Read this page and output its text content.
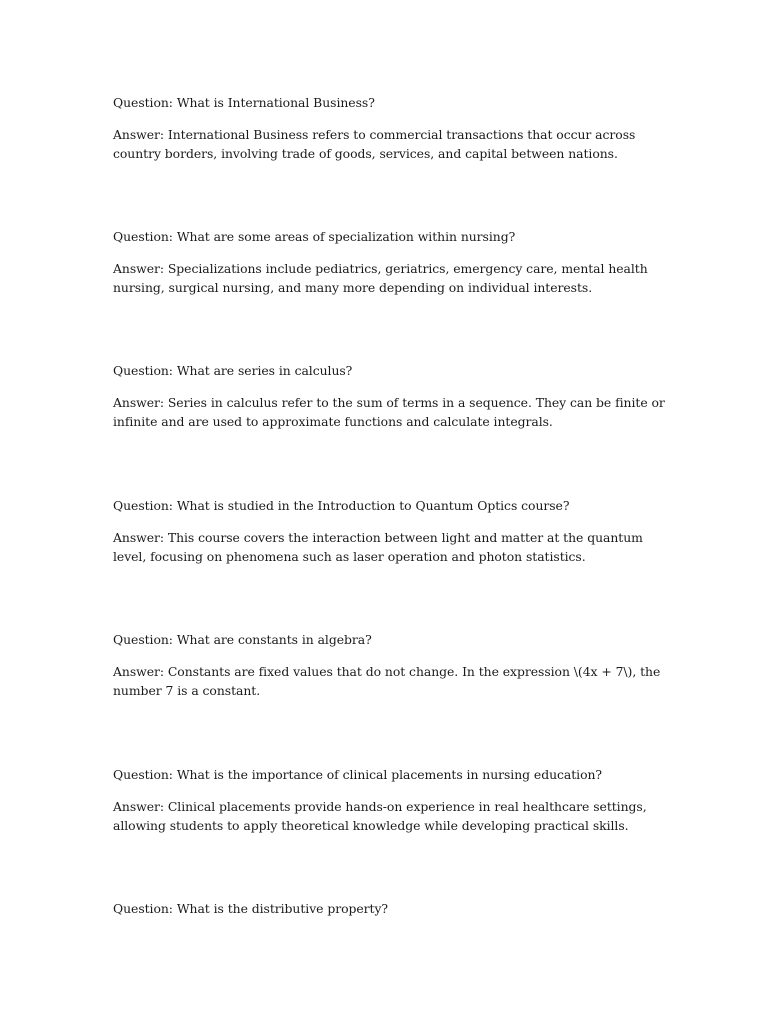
Question: What is International Business?

Answer: International Business refers to commercial transactions that occur across country borders, involving trade of goods, services, and capital between nations.

Question: What are some areas of specialization within nursing?

Answer: Specializations include pediatrics, geriatrics, emergency care, mental health nursing, surgical nursing, and many more depending on individual interests.

Question: What are series in calculus?

Answer: Series in calculus refer to the sum of terms in a sequence. They can be finite or infinite and are used to approximate functions and calculate integrals.

Question: What is studied in the Introduction to Quantum Optics course?

Answer: This course covers the interaction between light and matter at the quantum level, focusing on phenomena such as laser operation and photon statistics.

Question: What are constants in algebra?

Answer: Constants are fixed values that do not change. In the expression \(4x + 7\), the number 7 is a constant.

Question: What is the importance of clinical placements in nursing education?

Answer: Clinical placements provide hands-on experience in real healthcare settings, allowing students to apply theoretical knowledge while developing practical skills.

Question: What is the distributive property?
